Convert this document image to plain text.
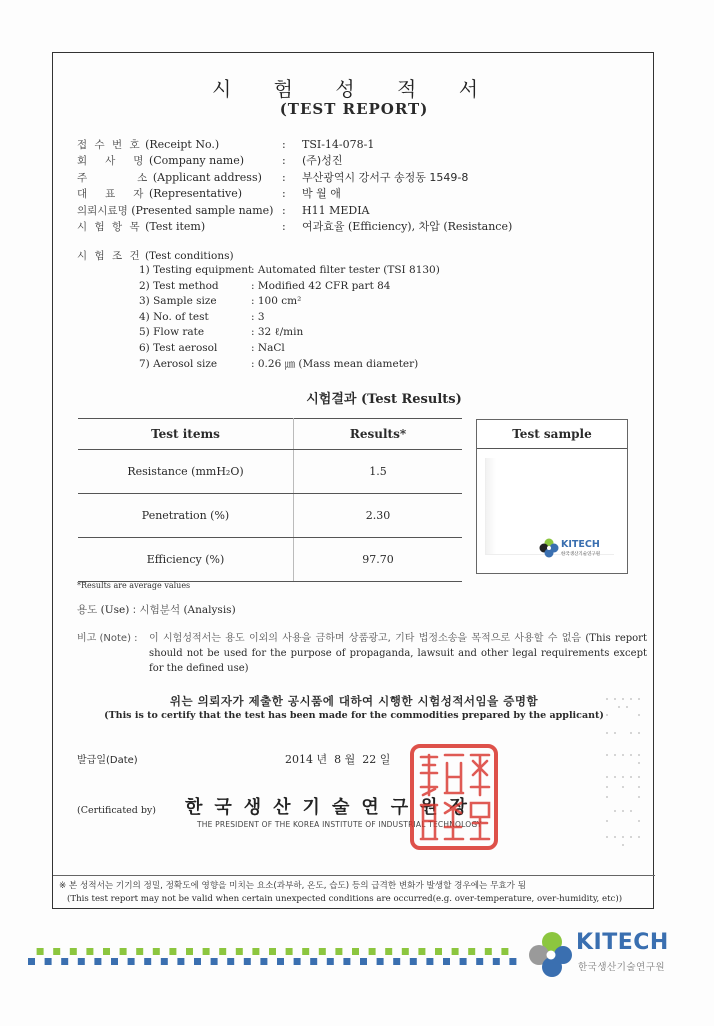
시 험 성 적 서
(TEST REPORT)
접 수 번 호 (Receipt No.)	:	TSI-14-078-1
회   사   명 (Company name)	:	(주)성진
주         소 (Applicant address)	:	부산광역시 강서구 송정동 1549-8
대   표   자 (Representative)	:	박 월 애
의뢰시료명 (Presented sample name) :	H11 MEDIA
시 험 항 목 (Test item)	:	여과효율 (Efficiency), 차압 (Resistance)
시 험 조 건 (Test conditions)
1) Testing equipment
: Automated filter tester (TSI 8130)
2) Test method	: Modified 42 CFR part 84
3) Sample size	: 100 cm²
4) No. of test	: 3
5) Flow rate	: 32 ℓ/min
6) Test aerosol	: NaCl
7) Aerosol size	: 0.26 ㎛ (Mass mean diameter)
시험결과 (Test Results)
Test items	Results*
Resistance (mmH₂O)	1.5
Penetration (%)	2.30
Efficiency (%)	97.70
Test sample
KITECH
한국생산기술연구원
*Results are average values
용도 (Use) : 시험분석 (Analysis)
비고 (Note) : 이 시험성적서는 용도 이외의 사용을 금하며 상품광고, 기타 법정소송을 목적으로 사용할 수 없음 (This report should not be used for the purpose of propaganda, lawsuit and other legal requirements except for the defined use)
위는 의뢰자가 제출한 공시품에 대하여 시행한 시험성적서임을 증명함
(This is to certify that the test has been made for the commodities prepared by the applicant)
발급일(Date)	2014 년  8 월  22 일
(Certificated by) 한국생산기술연구원장
THE PRESIDENT OF THE KOREA INSTITUTE OF INDUSTRIAL TECHNOLOGY
※ 본 성적서는 기기의 정밀, 정확도에 영향을 미치는 요소(과부하, 온도, 습도) 등의 급격한 변화가 발생할 경우에는 무효가 됨
(This test report may not be valid when certain unexpected conditions are occurred(e.g. over-temperature, over-humidity, etc))
KITECH
한국생산기술연구원
